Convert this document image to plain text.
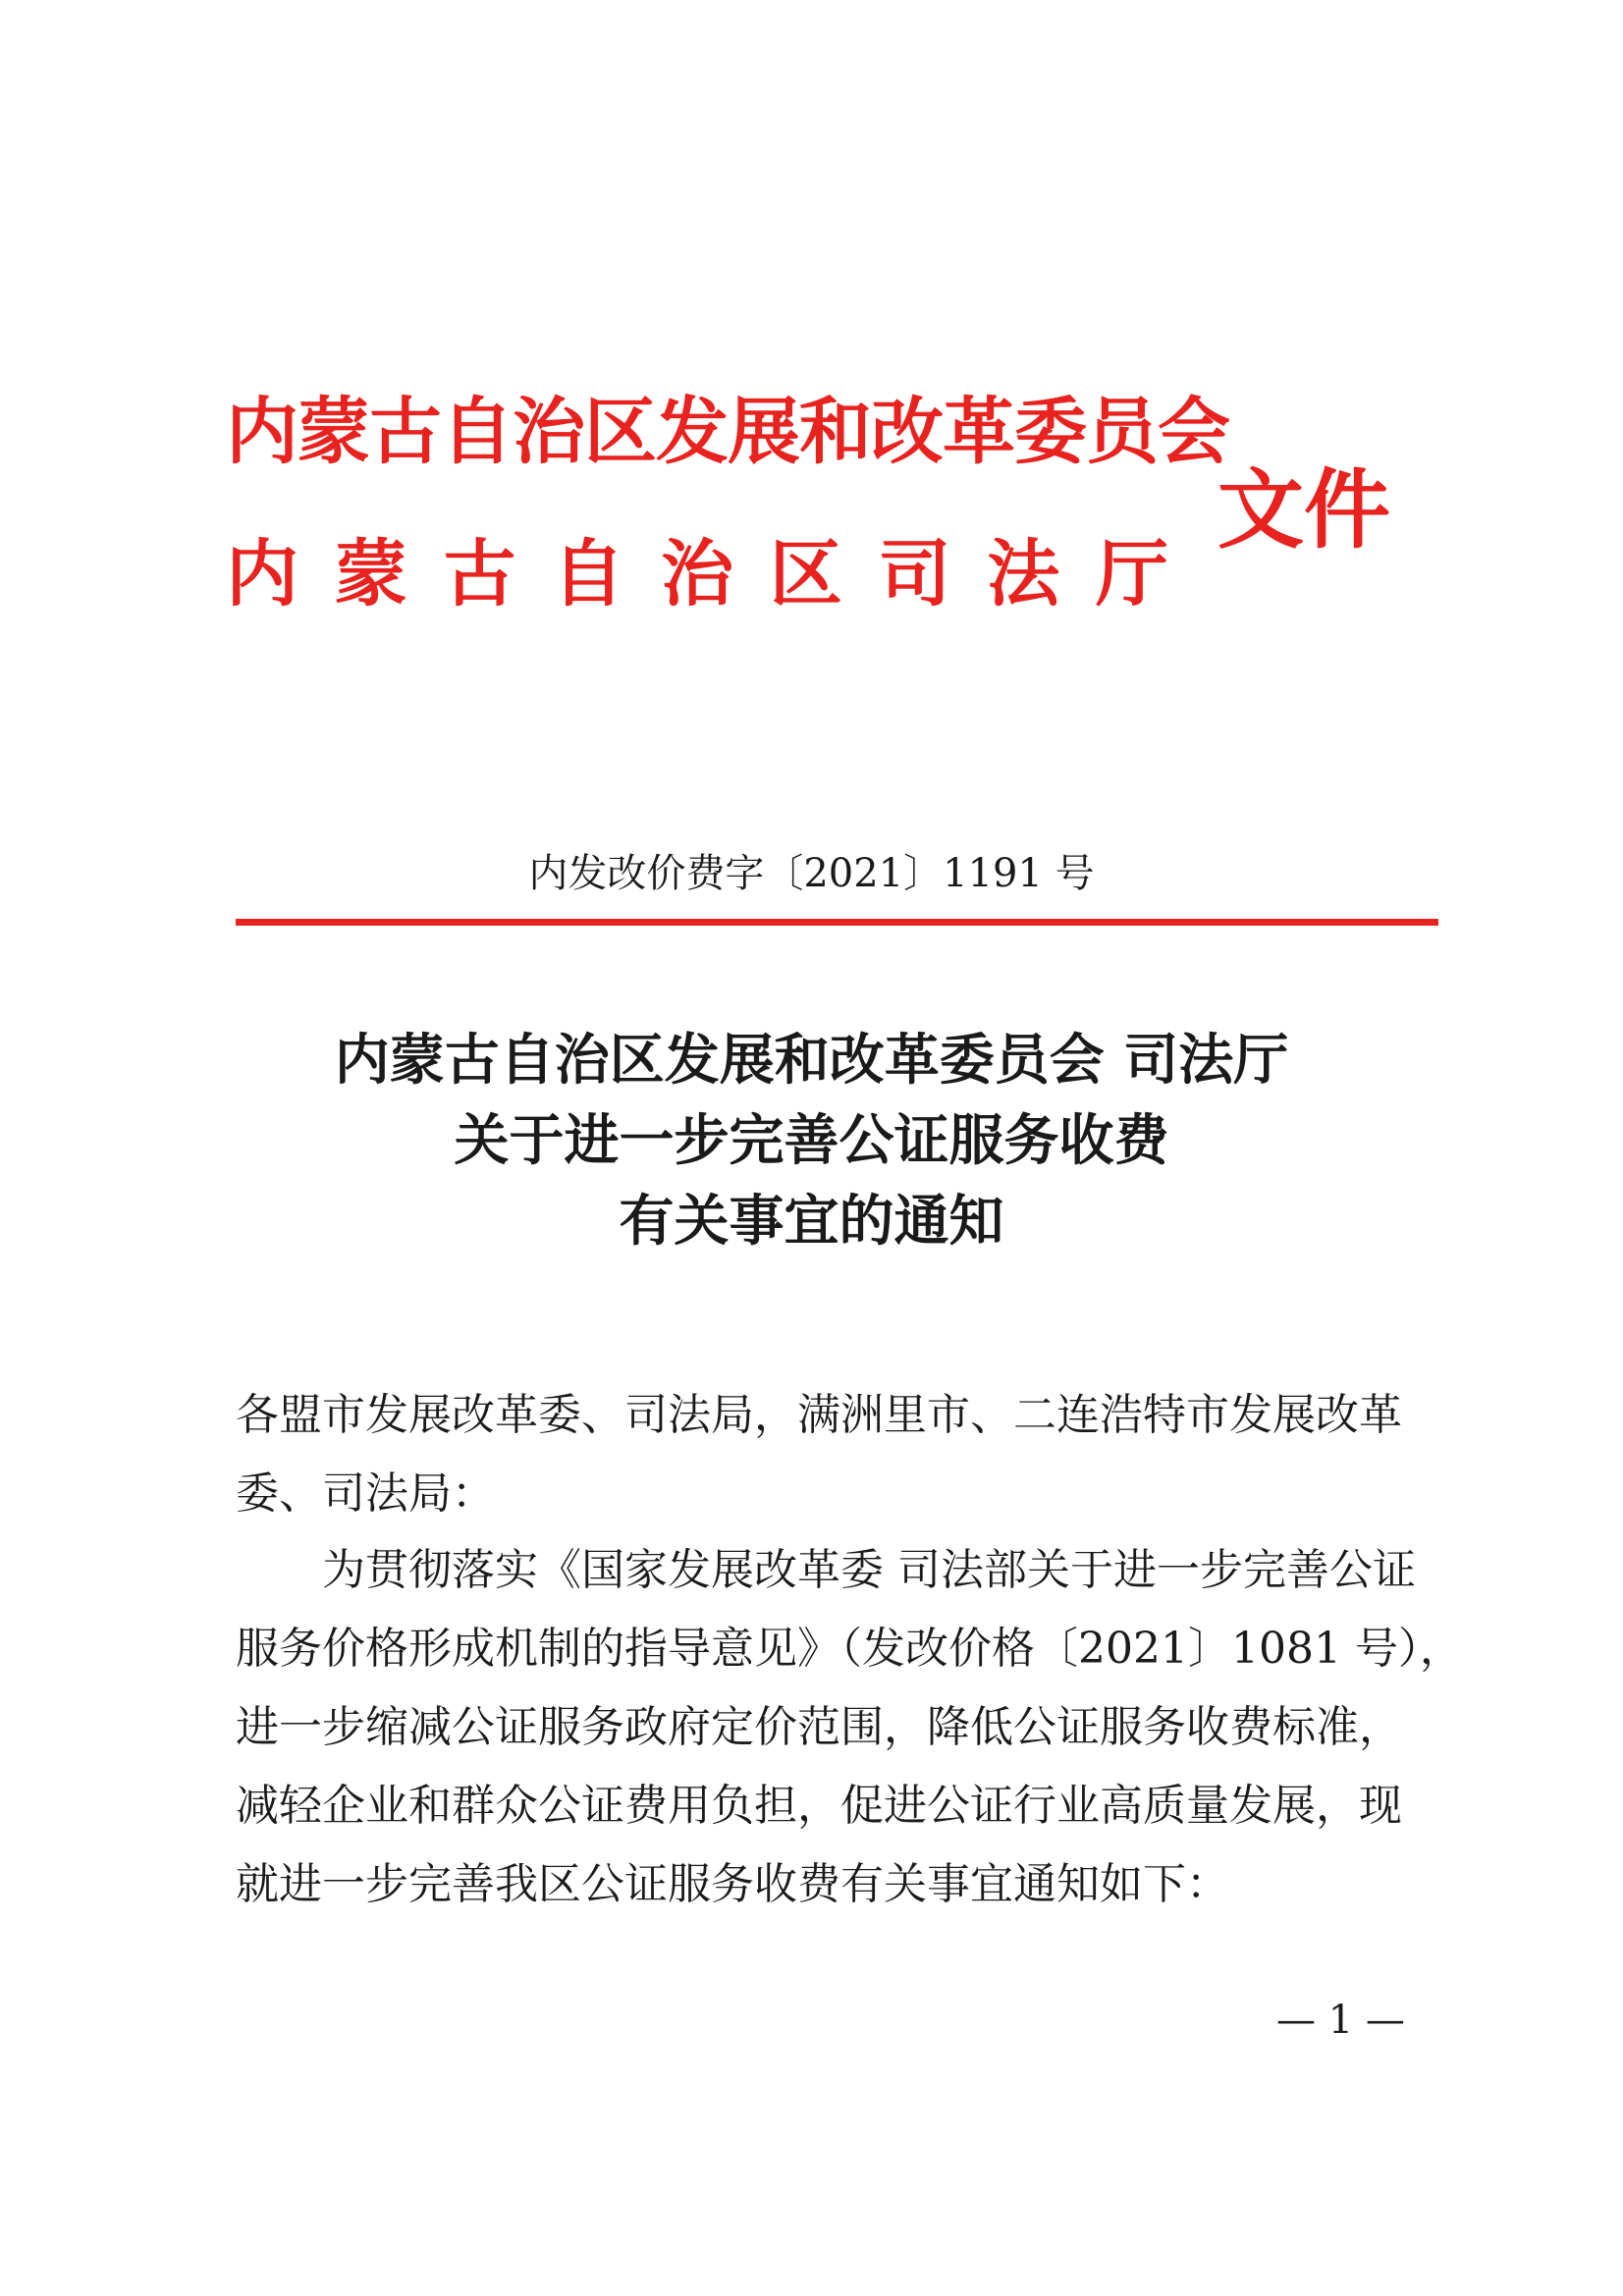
内蒙古自治区发展和改革委员会
内 蒙 古 自 治 区 司 法 厅
文件
内发改价费字〔2021〕1191 号
内蒙古自治区发展和改革委员会 司法厅
关于进一步完善公证服务收费
有关事宜的通知
各盟市发展改革委、司法局，满洲里市、二连浩特市发展改革
委、司法局：
为贯彻落实《国家发展改革委 司法部关于进一步完善公证
服务价格形成机制的指导意见》（发改价格〔2021〕1081 号），
进一步缩减公证服务政府定价范围，降低公证服务收费标准，
减轻企业和群众公证费用负担，促进公证行业高质量发展，现
就进一步完善我区公证服务收费有关事宜通知如下：
— 1 —
